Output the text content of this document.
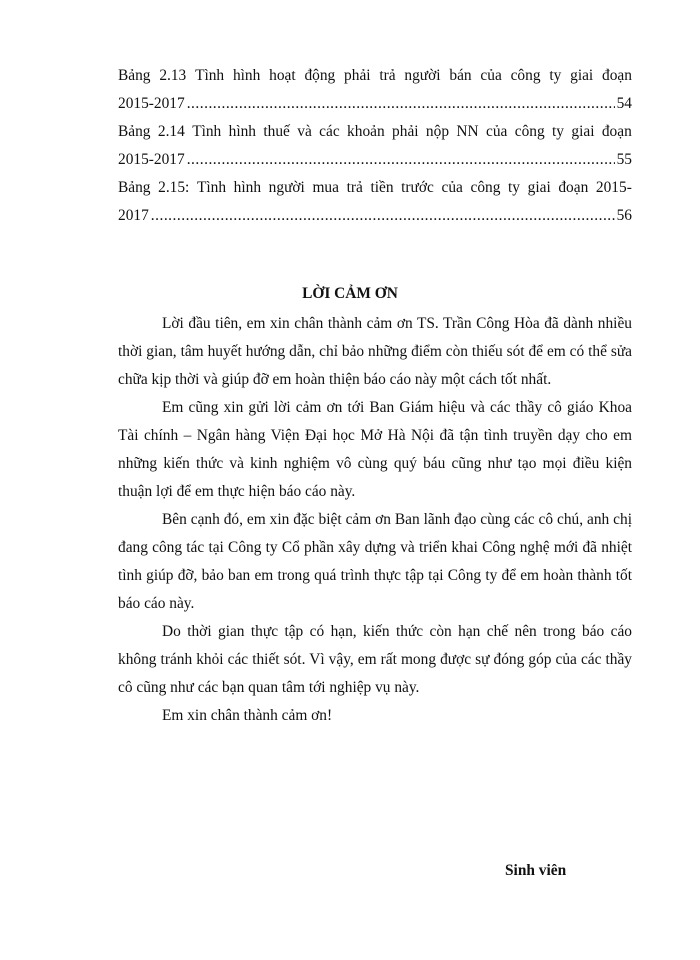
Bảng 2.13 Tình hình hoạt động phải trả người bán của công ty giai đoạn
2015-2017 .....	54
Bảng 2.14 Tình hình thuế và các khoản phải nộp NN của công ty giai đoạn
2015-2017 .....	55
Bảng 2.15: Tình hình người mua trả tiền trước của công ty giai đoạn 2015-
2017 .....	56
LỜI CẢM ƠN

Lời đầu tiên, em xin chân thành cảm ơn TS. Trần Công Hòa đã dành nhiều thời gian, tâm huyết hướng dẫn, chỉ bảo những điểm còn thiếu sót để em có thể sửa chữa kịp thời và giúp đỡ em hoàn thiện báo cáo này một cách tốt nhất.

Em cũng xin gửi lời cảm ơn tới Ban Giám hiệu và các thầy cô giáo Khoa Tài chính – Ngân hàng Viện Đại học Mở Hà Nội đã tận tình truyền dạy cho em những kiến thức và kinh nghiệm vô cùng quý báu cũng như tạo mọi điều kiện thuận lợi để em thực hiện báo cáo này.

Bên cạnh đó, em xin đặc biệt cảm ơn Ban lãnh đạo cùng các cô chú, anh chị đang công tác tại Công ty Cổ phần xây dựng và triển khai Công nghệ mới đã nhiệt tình giúp đỡ, bảo ban em trong quá trình thực tập tại Công ty để em hoàn thành tốt báo cáo này.

Do thời gian thực tập có hạn, kiến thức còn hạn chế nên trong báo cáo không tránh khỏi các thiết sót. Vì vậy, em rất mong được sự đóng góp của các thầy cô cũng như các bạn quan tâm tới nghiệp vụ này.

Em xin chân thành cảm ơn!

Sinh viên
